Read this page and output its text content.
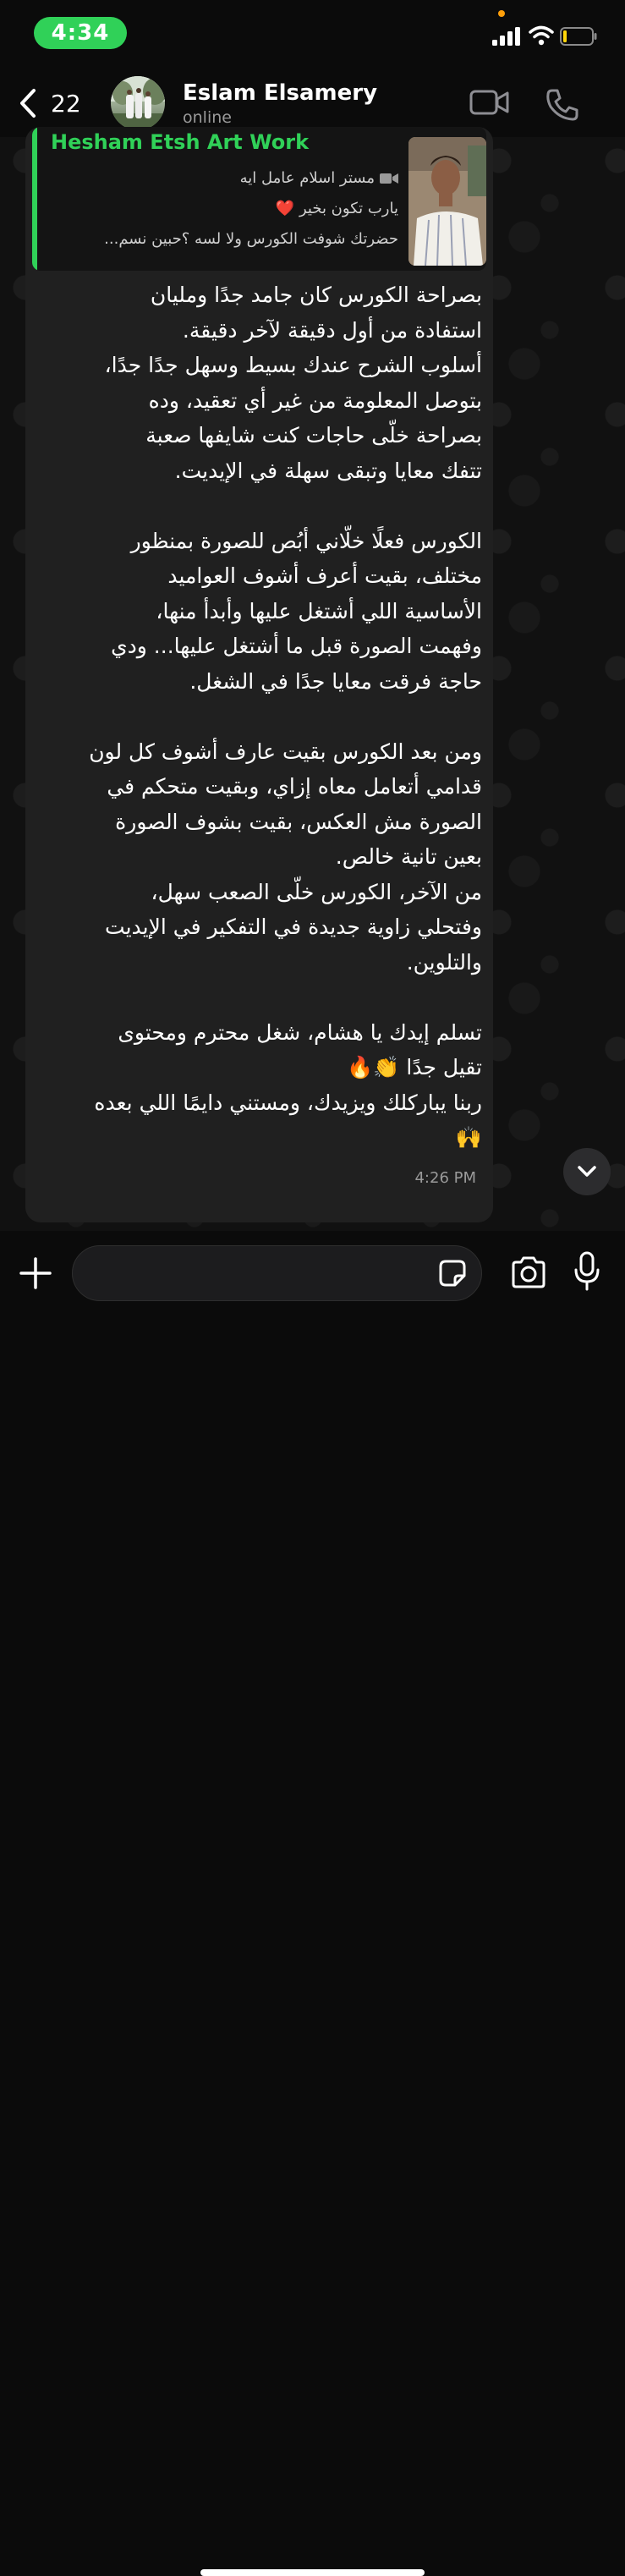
4:34
22	Eslam Elsamery
online
Hesham Etsh Art Work
مستر اسلام عامل ايه
يارب تكون بخير ❤️
حضرتك شوفت الكورس ولا لسه ؟حبين نسم...

بصراحة الكورس كان جامد جدًا ومليان
استفادة من أول دقيقة لآخر دقيقة.
أسلوب الشرح عندك بسيط وسهل جدًا جدًا،
بتوصل المعلومة من غير أي تعقيد، وده
بصراحة خلّى حاجات كنت شايفها صعبة
تتفك معايا وتبقى سهلة في الإيديت.

الكورس فعلًا خلّاني أبُص للصورة بمنظور
مختلف، بقيت أعرف أشوف العواميد
الأساسية اللي أشتغل عليها وأبدأ منها،
وفهمت الصورة قبل ما أشتغل عليها... ودي
حاجة فرقت معايا جدًا في الشغل.

ومن بعد الكورس بقيت عارف أشوف كل لون
قدامي أتعامل معاه إزاي، وبقيت متحكم في
الصورة مش العكس، بقيت بشوف الصورة
بعين تانية خالص.
من الآخر، الكورس خلّى الصعب سهل،
وفتحلي زاوية جديدة في التفكير في الإيديت
والتلوين.

تسلم إيدك يا هشام، شغل محترم ومحتوى
تقيل جدًا 👏🔥
ربنا يباركلك ويزيدك، ومستني دايمًا اللي بعده
🙌

4:26 PM
